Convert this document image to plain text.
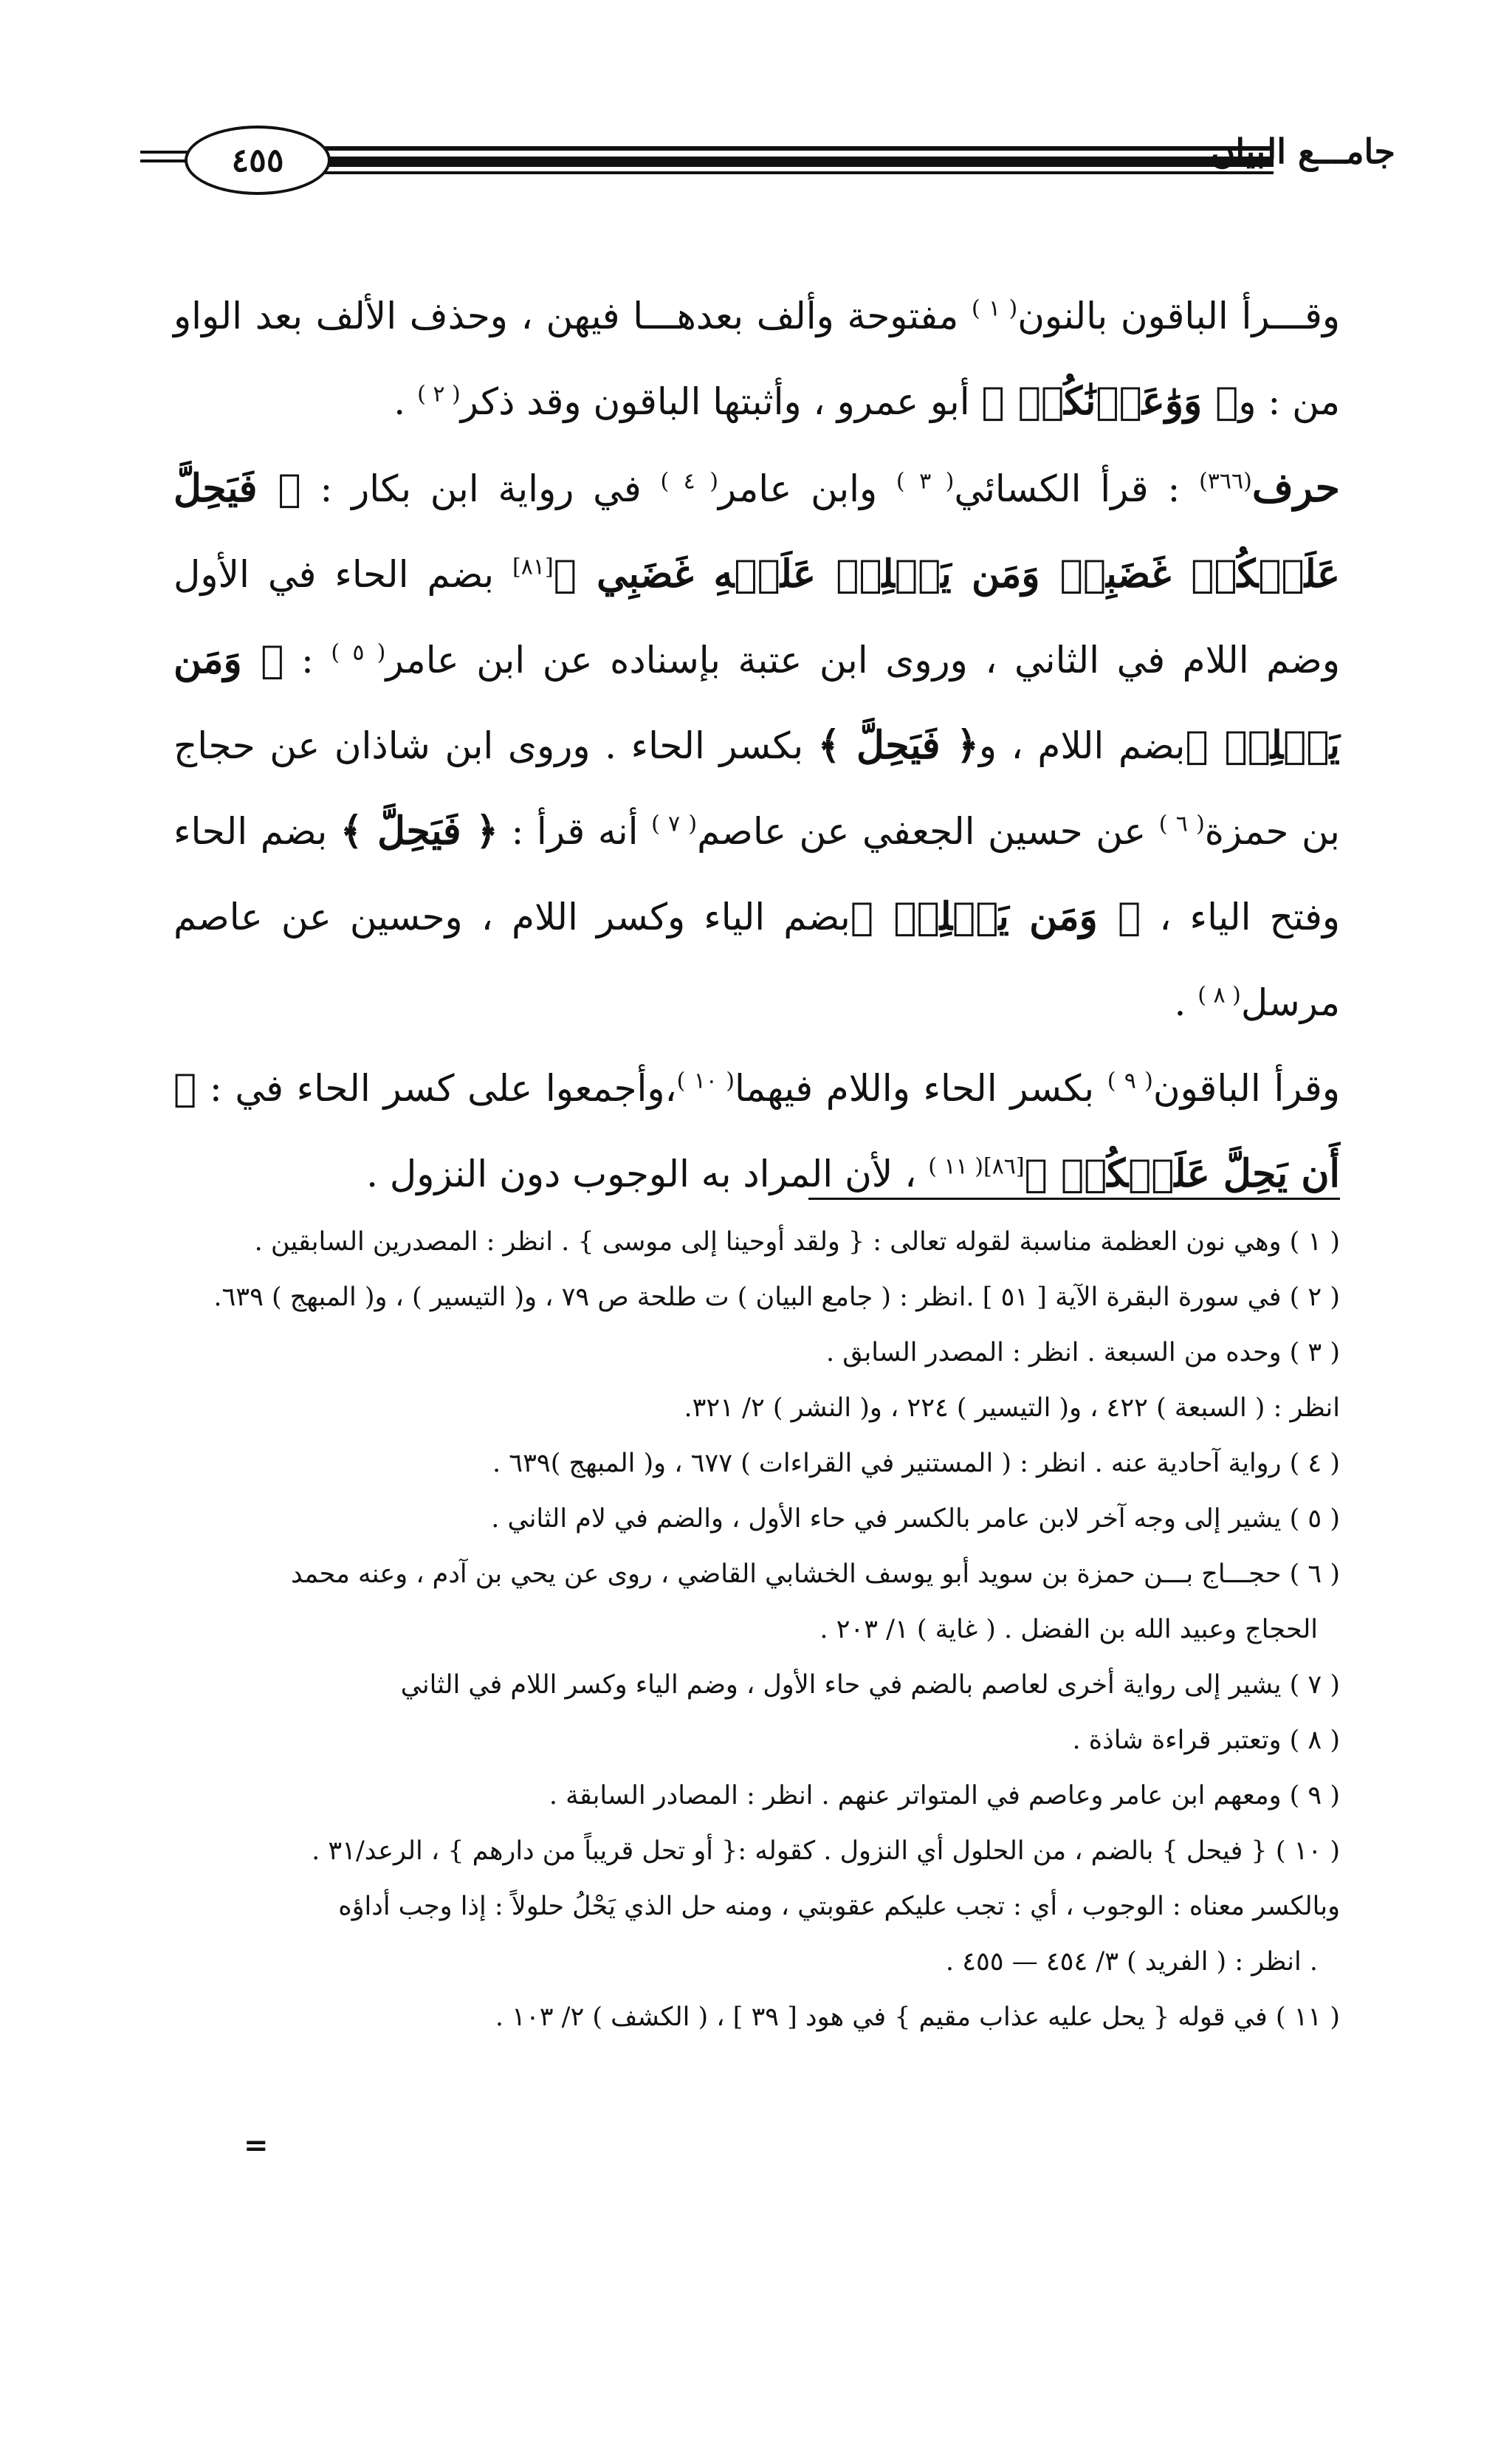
٤٥٥	جامـــع البيان

وقـــرأ الباقون بالنون$^{( ١ )}$ مفتوحة وألف بعدهـــا فيهن ، وحذف الألف بعد الواو من : و﴿ وَوَٰعَدۡنَٰكُمۡ ﴾ أبو عمرو ، وأثبتها الباقون وقد ذكر$^{( ٢ )}$ .

حرف$^{(٣٦٦)}$ : قرأ الكسائي$^{( ٣ )}$ وابن عامر$^{( ٤ )}$ في رواية ابن بكار : ﴿ فَيَحِلَّ عَلَيۡكُمۡ غَضَبِيۖ وَمَن يَحۡلِلۡ عَلَيۡهِ غَضَبِي ﴾[٨١] بضم الحاء في الأول وضم اللام في الثاني ، وروى ابن عتبة بإسناده عن ابن عامر$^{( ٥ )}$ : ﴿ وَمَن يَحۡلِلۡ ﴾بضم اللام ، و﴿ فَيَحِلَّ ﴾ بكسر الحاء . وروى ابن شاذان عن حجاج بن حمزة$^{( ٦ )}$ عن حسين الجعفي عن عاصم$^{( ٧ )}$ أنه قرأ : ﴿ فَيَحِلَّ ﴾ بضم الحاء وفتح الياء ، ﴿ وَمَن يَحۡلِلۡ ﴾بضم الياء وكسر اللام ، وحسين عن عاصم مرسل$^{( ٨ )}$ .

وقرأ الباقون$^{( ٩ )}$ بكسر الحاء واللام فيهما$^{( ١٠ )}$،وأجمعوا على كسر الحاء في : ﴿ أَن يَحِلَّ عَلَيۡكُمۡ ﴾$^{[٨٦]( ١١ )}$ ، لأن المراد به الوجوب دون النزول .

( ١ ) وهي نون العظمة مناسبة لقوله تعالى : { ولقد أوحينا إلى موسى } . انظر : المصدرين السابقين .

( ٢ ) في سورة البقرة الآية [ ٥١ ] .انظر : ( جامع البيان ) ت طلحة ص ٧٩ ، و( التيسير ) ، و( المبهج ) ٦٣٩.

( ٣ ) وحده من السبعة . انظر : المصدر السابق .

انظر : ( السبعة ) ٤٢٢ ، و( التيسير ) ٢٢٤ ، و( النشر ) ٢/ ٣٢١.

( ٤ ) رواية آحادية عنه . انظر : ( المستنير في القراءات ) ٦٧٧ ، و( المبهج )٦٣٩ .

( ٥ ) يشير إلى وجه آخر لابن عامر بالكسر في حاء الأول ، والضم في لام الثاني .

( ٦ ) حجـــاج بـــن حمزة بن سويد أبو يوسف الخشابي القاضي ، روى عن يحي بن آدم ، وعنه محمد

الحجاج وعبيد الله بن الفضل . ( غاية ) ١/ ٢٠٣ .

( ٧ ) يشير إلى رواية أخرى لعاصم بالضم في حاء الأول ، وضم الياء وكسر اللام في الثاني

( ٨ ) وتعتبر قراءة شاذة .

( ٩ ) ومعهم ابن عامر وعاصم في المتواتر عنهم . انظر : المصادر السابقة .

( ١٠ ) { فيحل } بالضم ، من الحلول أي النزول . كقوله :{ أو تحل قريباً من دارهم } ، الرعد/٣١ .

وبالكسر معناه : الوجوب ، أي : تجب عليكم عقوبتي ، ومنه حل الذي يَحْلُ حلولاً : إذا وجب أداؤه

. انظر : ( الفريد ) ٣/ ٤٥٤ — ٤٥٥ .

( ١١ ) في قوله { يحل عليه عذاب مقيم } في هود [ ٣٩ ] ، ( الكشف ) ٢/ ١٠٣ .

=
